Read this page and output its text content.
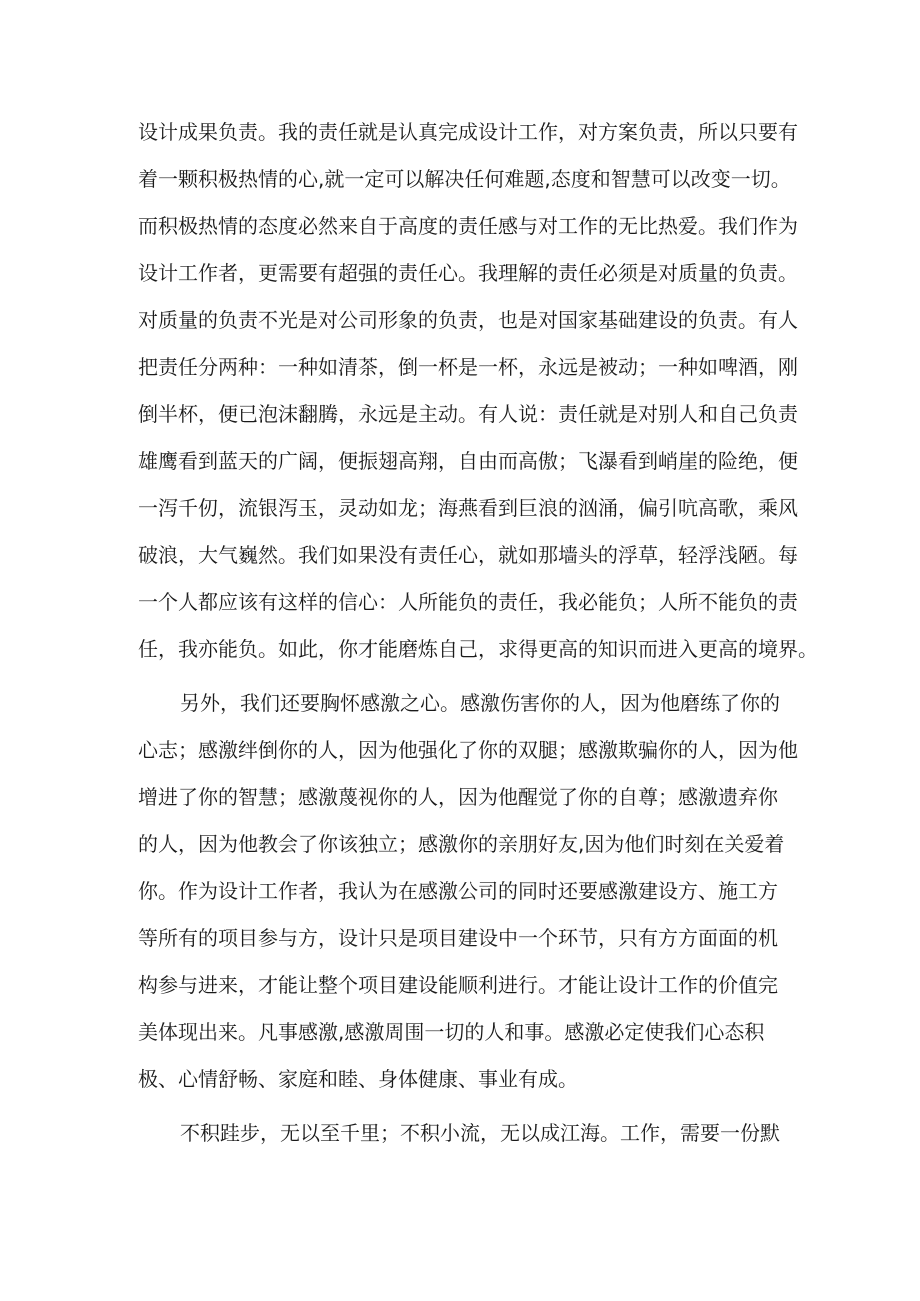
设计成果负责。我的责任就是认真完成设计工作，对方案负责，所以只要有

着一颗积极热情的心,就一定可以解决任何难题,态度和智慧可以改变一切。

而积极热情的态度必然来自于高度的责任感与对工作的无比热爱。我们作为

设计工作者，更需要有超强的责任心。我理解的责任必须是对质量的负责。

对质量的负责不光是对公司形象的负责，也是对国家基础建设的负责。有人

把责任分两种：一种如清茶，倒一杯是一杯，永远是被动；一种如啤酒，刚

倒半杯，便已泡沫翻腾，永远是主动。有人说：责任就是对别人和自己负责

雄鹰看到蓝天的广阔，便振翅高翔，自由而高傲；飞瀑看到峭崖的险绝，便

一泻千仞，流银泻玉，灵动如龙；海燕看到巨浪的汹涌，偏引吭高歌，乘风

破浪，大气巍然。我们如果没有责任心，就如那墙头的浮草，轻浮浅陋。每

一个人都应该有这样的信心：人所能负的责任，我必能负；人所不能负的责

任，我亦能负。如此，你才能磨炼自己，求得更高的知识而进入更高的境界。

另外，我们还要胸怀感激之心。感激伤害你的人，因为他磨练了你的

心志；感激绊倒你的人，因为他强化了你的双腿；感激欺骗你的人，因为他

增进了你的智慧；感激蔑视你的人，因为他醒觉了你的自尊；感激遗弃你

的人，因为他教会了你该独立；感激你的亲朋好友,因为他们时刻在关爱着

你。作为设计工作者，我认为在感激公司的同时还要感激建设方、施工方

等所有的项目参与方，设计只是项目建设中一个环节，只有方方面面的机

构参与进来，才能让整个项目建设能顺利进行。才能让设计工作的价值完

美体现出来。凡事感激,感激周围一切的人和事。感激必定使我们心态积

极、心情舒畅、家庭和睦、身体健康、事业有成。

不积跬步，无以至千里；不积小流，无以成江海。工作，需要一份默
